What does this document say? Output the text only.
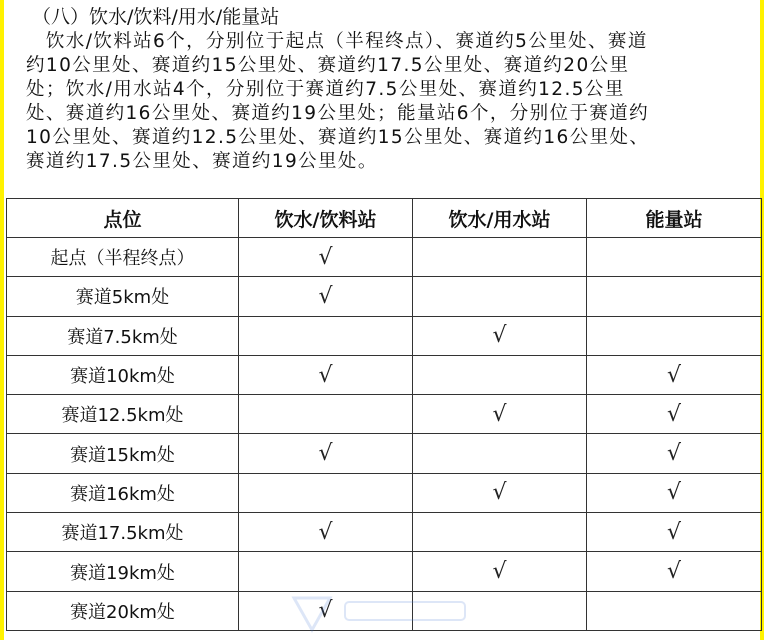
（八）饮水/饮料/用水/能量站
　饮水/饮料站6个，分别位于起点（半程终点）、赛道约5公里处、赛道
约10公里处、赛道约15公里处、赛道约17.5公里处、赛道约20公里
处；饮水/用水站4个，分别位于赛道约7.5公里处、赛道约12.5公里
处、赛道约16公里处、赛道约19公里处；能量站6个，分别位于赛道约
10公里处、赛道约12.5公里处、赛道约15公里处、赛道约16公里处、
赛道约17.5公里处、赛道约19公里处。
点位	饮水/饮料站	饮水/用水站	能量站
起点（半程终点）	√		
赛道5km处	√		
赛道7.5km处		√	
赛道10km处	√		√
赛道12.5km处		√	√
赛道15km处	√		√
赛道16km处		√	√
赛道17.5km处	√		√
赛道19km处		√	√
赛道20km处	√		
